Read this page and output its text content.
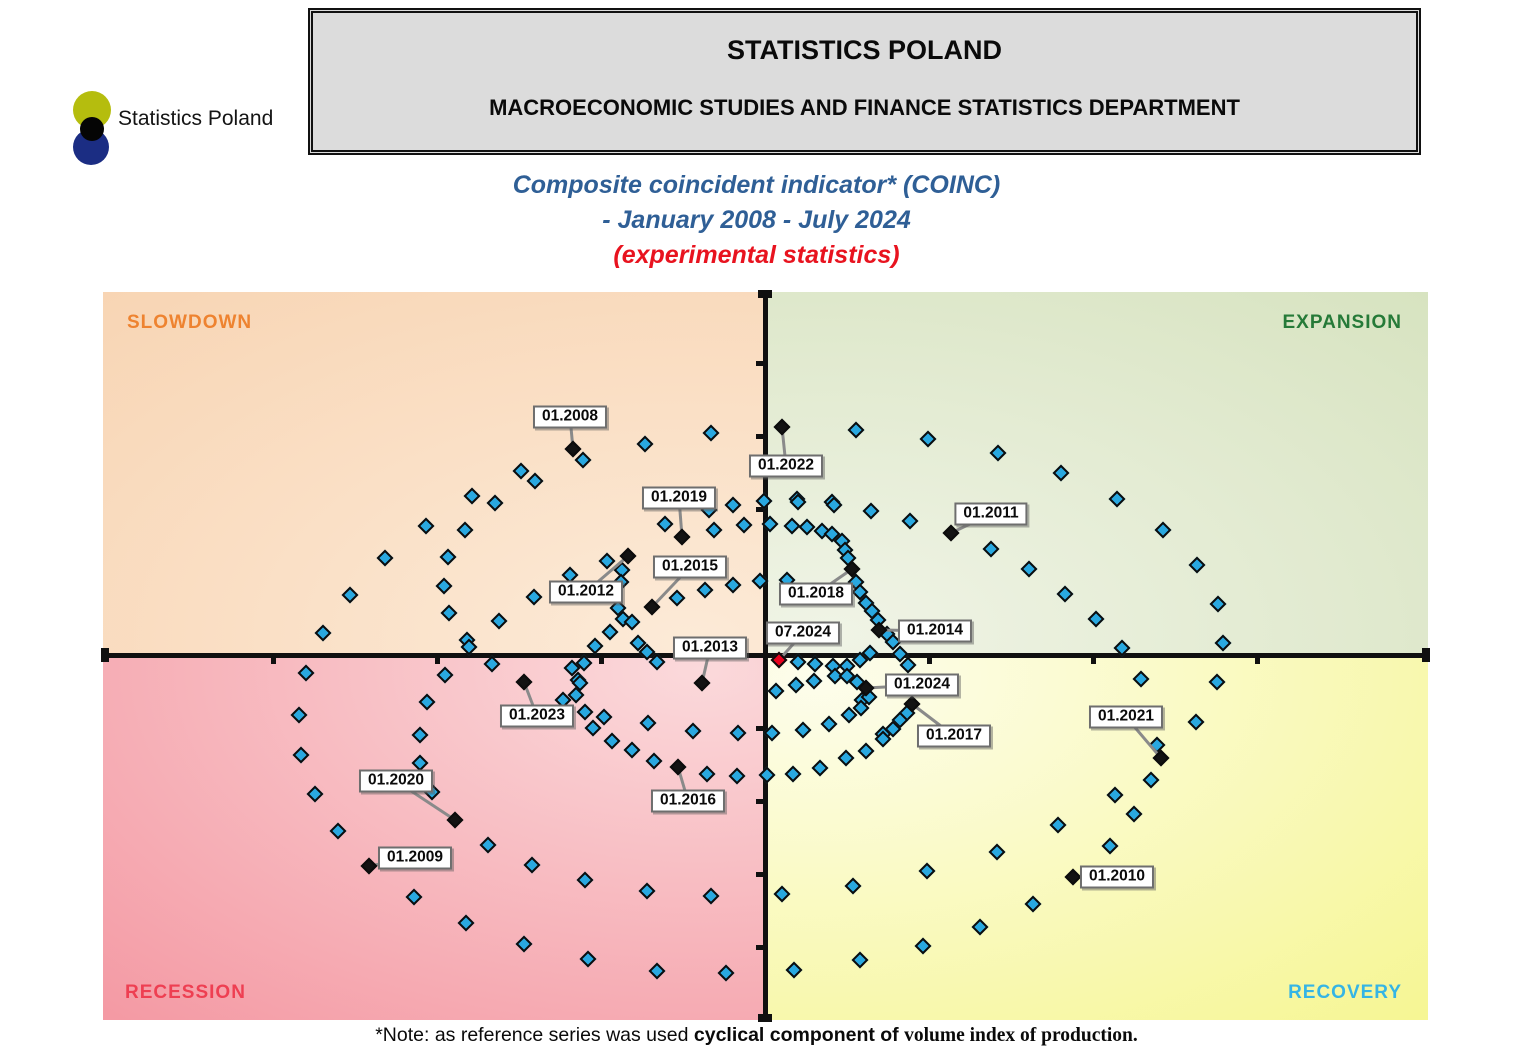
Statistics Poland
STATISTICS POLAND
MACROECONOMIC STUDIES AND FINANCE STATISTICS DEPARTMENT
Composite coincident indicator* (COINC)
- January 2008 - July 2024
(experimental statistics)
SLOWDOWN	EXPANSION
RECESSION	RECOVERY
01.2008
01.2009
01.2010
01.2011
01.2012
01.2013
01.2014
01.2015
01.2016
01.2017
01.2018
01.2019
01.2020
01.2021
01.2022
01.2023
01.2024
07.2024
*Note: as reference series was used cyclical component of volume index of production.
